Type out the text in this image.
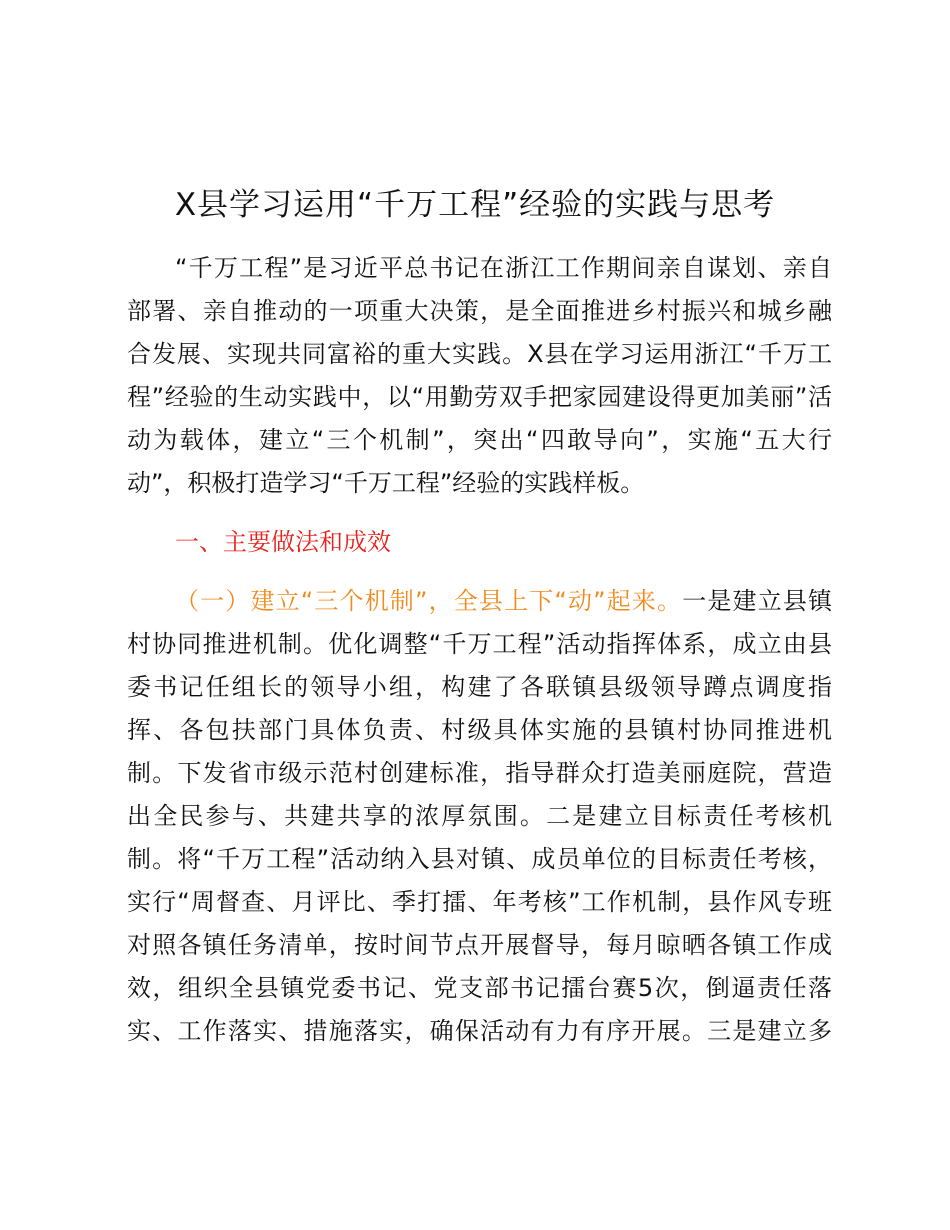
X县学习运用“千万工程”经验的实践与思考
“千万工程”是习近平总书记在浙江工作期间亲自谋划、亲自
部署、亲自推动的一项重大决策，是全面推进乡村振兴和城乡融
合发展、实现共同富裕的重大实践。X县在学习运用浙江“千万工
程”经验的生动实践中，以“用勤劳双手把家园建设得更加美丽”活
动为载体，建立“三个机制”，突出“四敢导向”，实施“五大行
动”，积极打造学习“千万工程”经验的实践样板。
一、主要做法和成效
（一）建立“三个机制”，全县上下“动”起来。一是建立县镇
村协同推进机制。优化调整“千万工程”活动指挥体系，成立由县
委书记任组长的领导小组，构建了各联镇县级领导蹲点调度指
挥、各包扶部门具体负责、村级具体实施的县镇村协同推进机
制。下发省市级示范村创建标准，指导群众打造美丽庭院，营造
出全民参与、共建共享的浓厚氛围。二是建立目标责任考核机
制。将“千万工程”活动纳入县对镇、成员单位的目标责任考核，
实行“周督查、月评比、季打擂、年考核”工作机制，县作风专班
对照各镇任务清单，按时间节点开展督导，每月晾晒各镇工作成
效，组织全县镇党委书记、党支部书记擂台赛5次，倒逼责任落
实、工作落实、措施落实，确保活动有力有序开展。三是建立多
